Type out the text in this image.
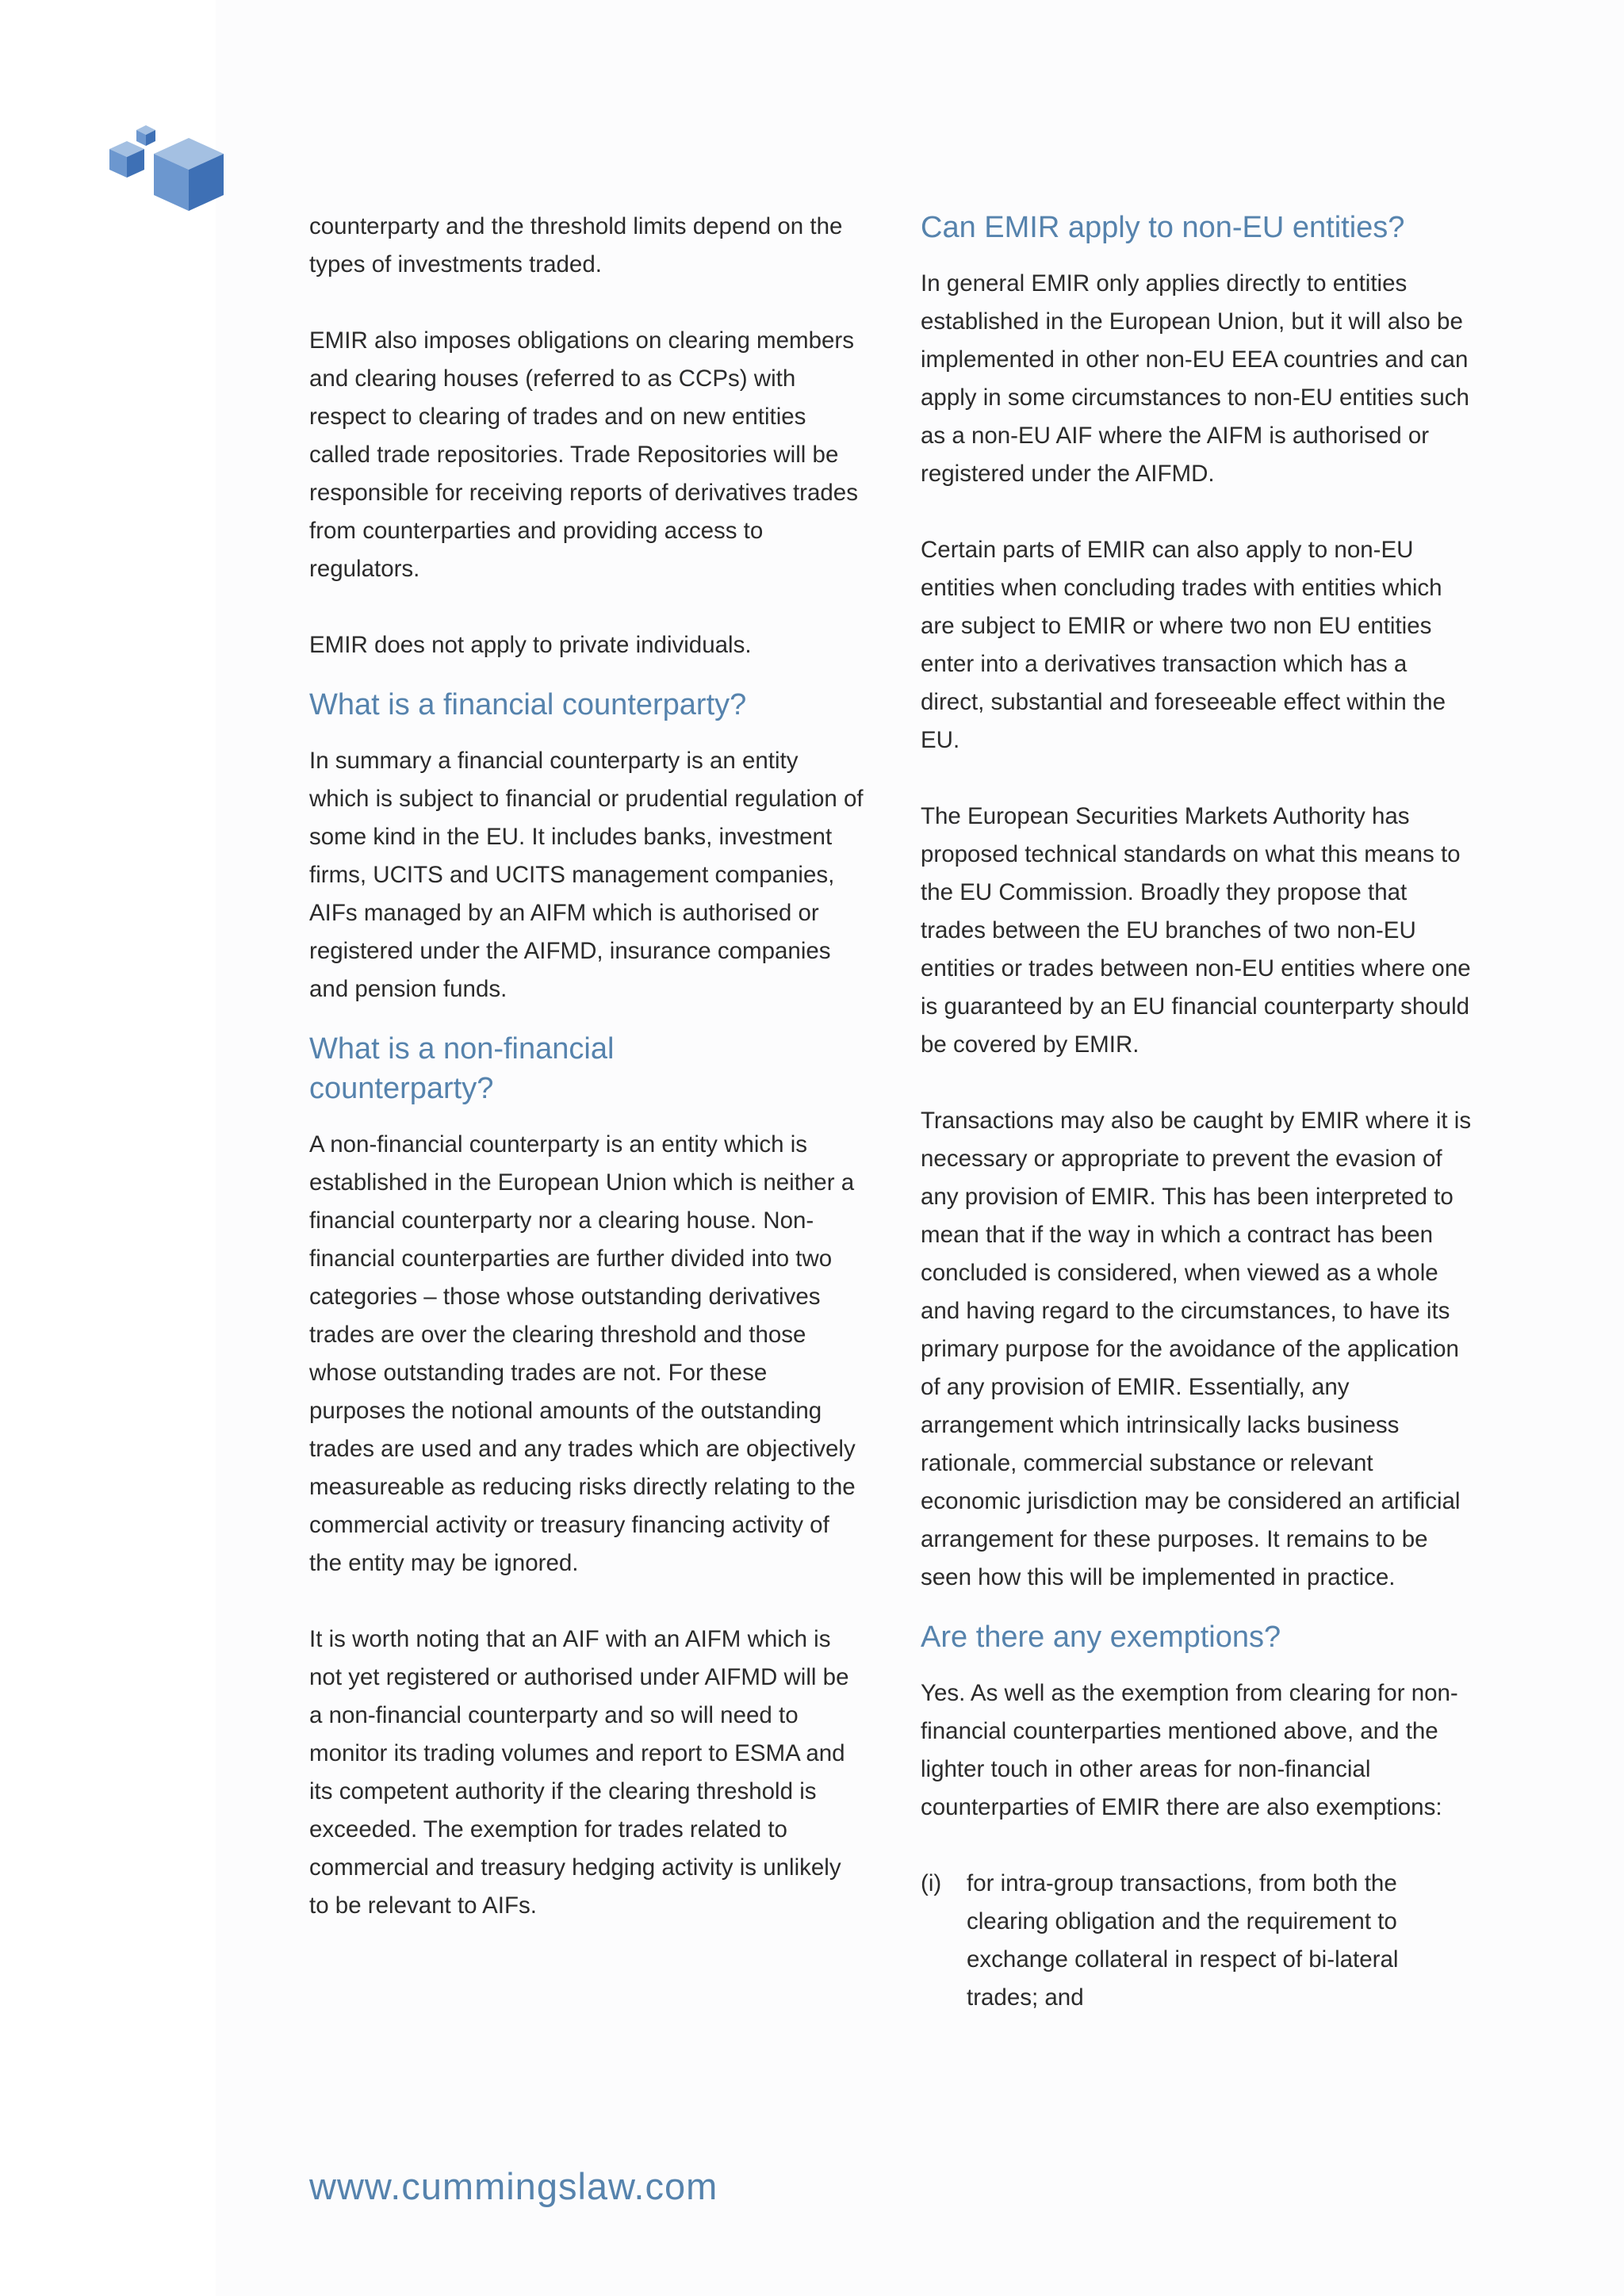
counterparty and the threshold limits depend on the types of investments traded.

EMIR also imposes obligations on clearing members and clearing houses (referred to as CCPs) with respect to clearing of trades and on new entities called trade repositories. Trade Repositories will be responsible for receiving reports of derivatives trades from counterparties and providing access to regulators.

EMIR does not apply to private individuals.

What is a financial counterparty?

In summary a financial counterparty is an entity which is subject to financial or prudential regulation of some kind in the EU. It includes banks, investment firms, UCITS and UCITS management companies, AIFs managed by an AIFM which is authorised or registered under the AIFMD, insurance companies and pension funds.

What is a non-financial counterparty?

A non-financial counterparty is an entity which is established in the European Union which is neither a financial counterparty nor a clearing house. Non-financial counterparties are further divided into two categories – those whose outstanding derivatives trades are over the clearing threshold and those whose outstanding trades are not. For these purposes the notional amounts of the outstanding trades are used and any trades which are objectively measureable as reducing risks directly relating to the commercial activity or treasury financing activity of the entity may be ignored.

It is worth noting that an AIF with an AIFM which is not yet registered or authorised under AIFMD will be a non-financial counterparty and so will need to monitor its trading volumes and report to ESMA and its competent authority if the clearing threshold is exceeded. The exemption for trades related to commercial and treasury hedging activity is unlikely to be relevant to AIFs.

Can EMIR apply to non-EU entities?

In general EMIR only applies directly to entities established in the European Union, but it will also be implemented in other non-EU EEA countries and can apply in some circumstances to non-EU entities such as a non-EU AIF where the AIFM is authorised or registered under the AIFMD.

Certain parts of EMIR can also apply to non-EU entities when concluding trades with entities which are subject to EMIR or where two non EU entities enter into a derivatives transaction which has a direct, substantial and foreseeable effect within the EU.

The European Securities Markets Authority has proposed technical standards on what this means to the EU Commission. Broadly they propose that trades between the EU branches of two non-EU entities or trades between non-EU entities where one is guaranteed by an EU financial counterparty should be covered by EMIR.

Transactions may also be caught by EMIR where it is necessary or appropriate to prevent the evasion of any provision of EMIR. This has been interpreted to mean that if the way in which a contract has been concluded is considered, when viewed as a whole and having regard to the circumstances, to have its primary purpose for the avoidance of the application of any provision of EMIR. Essentially, any arrangement which intrinsically lacks business rationale, commercial substance or relevant economic jurisdiction may be considered an artificial arrangement for these purposes. It remains to be seen how this will be implemented in practice.

Are there any exemptions?

Yes. As well as the exemption from clearing for non-financial counterparties mentioned above, and the lighter touch in other areas for non-financial counterparties of EMIR there are also exemptions:

(i)	for intra-group transactions, from both the clearing obligation and the requirement to exchange collateral in respect of bi-lateral trades; and
www.cummingslaw.com
